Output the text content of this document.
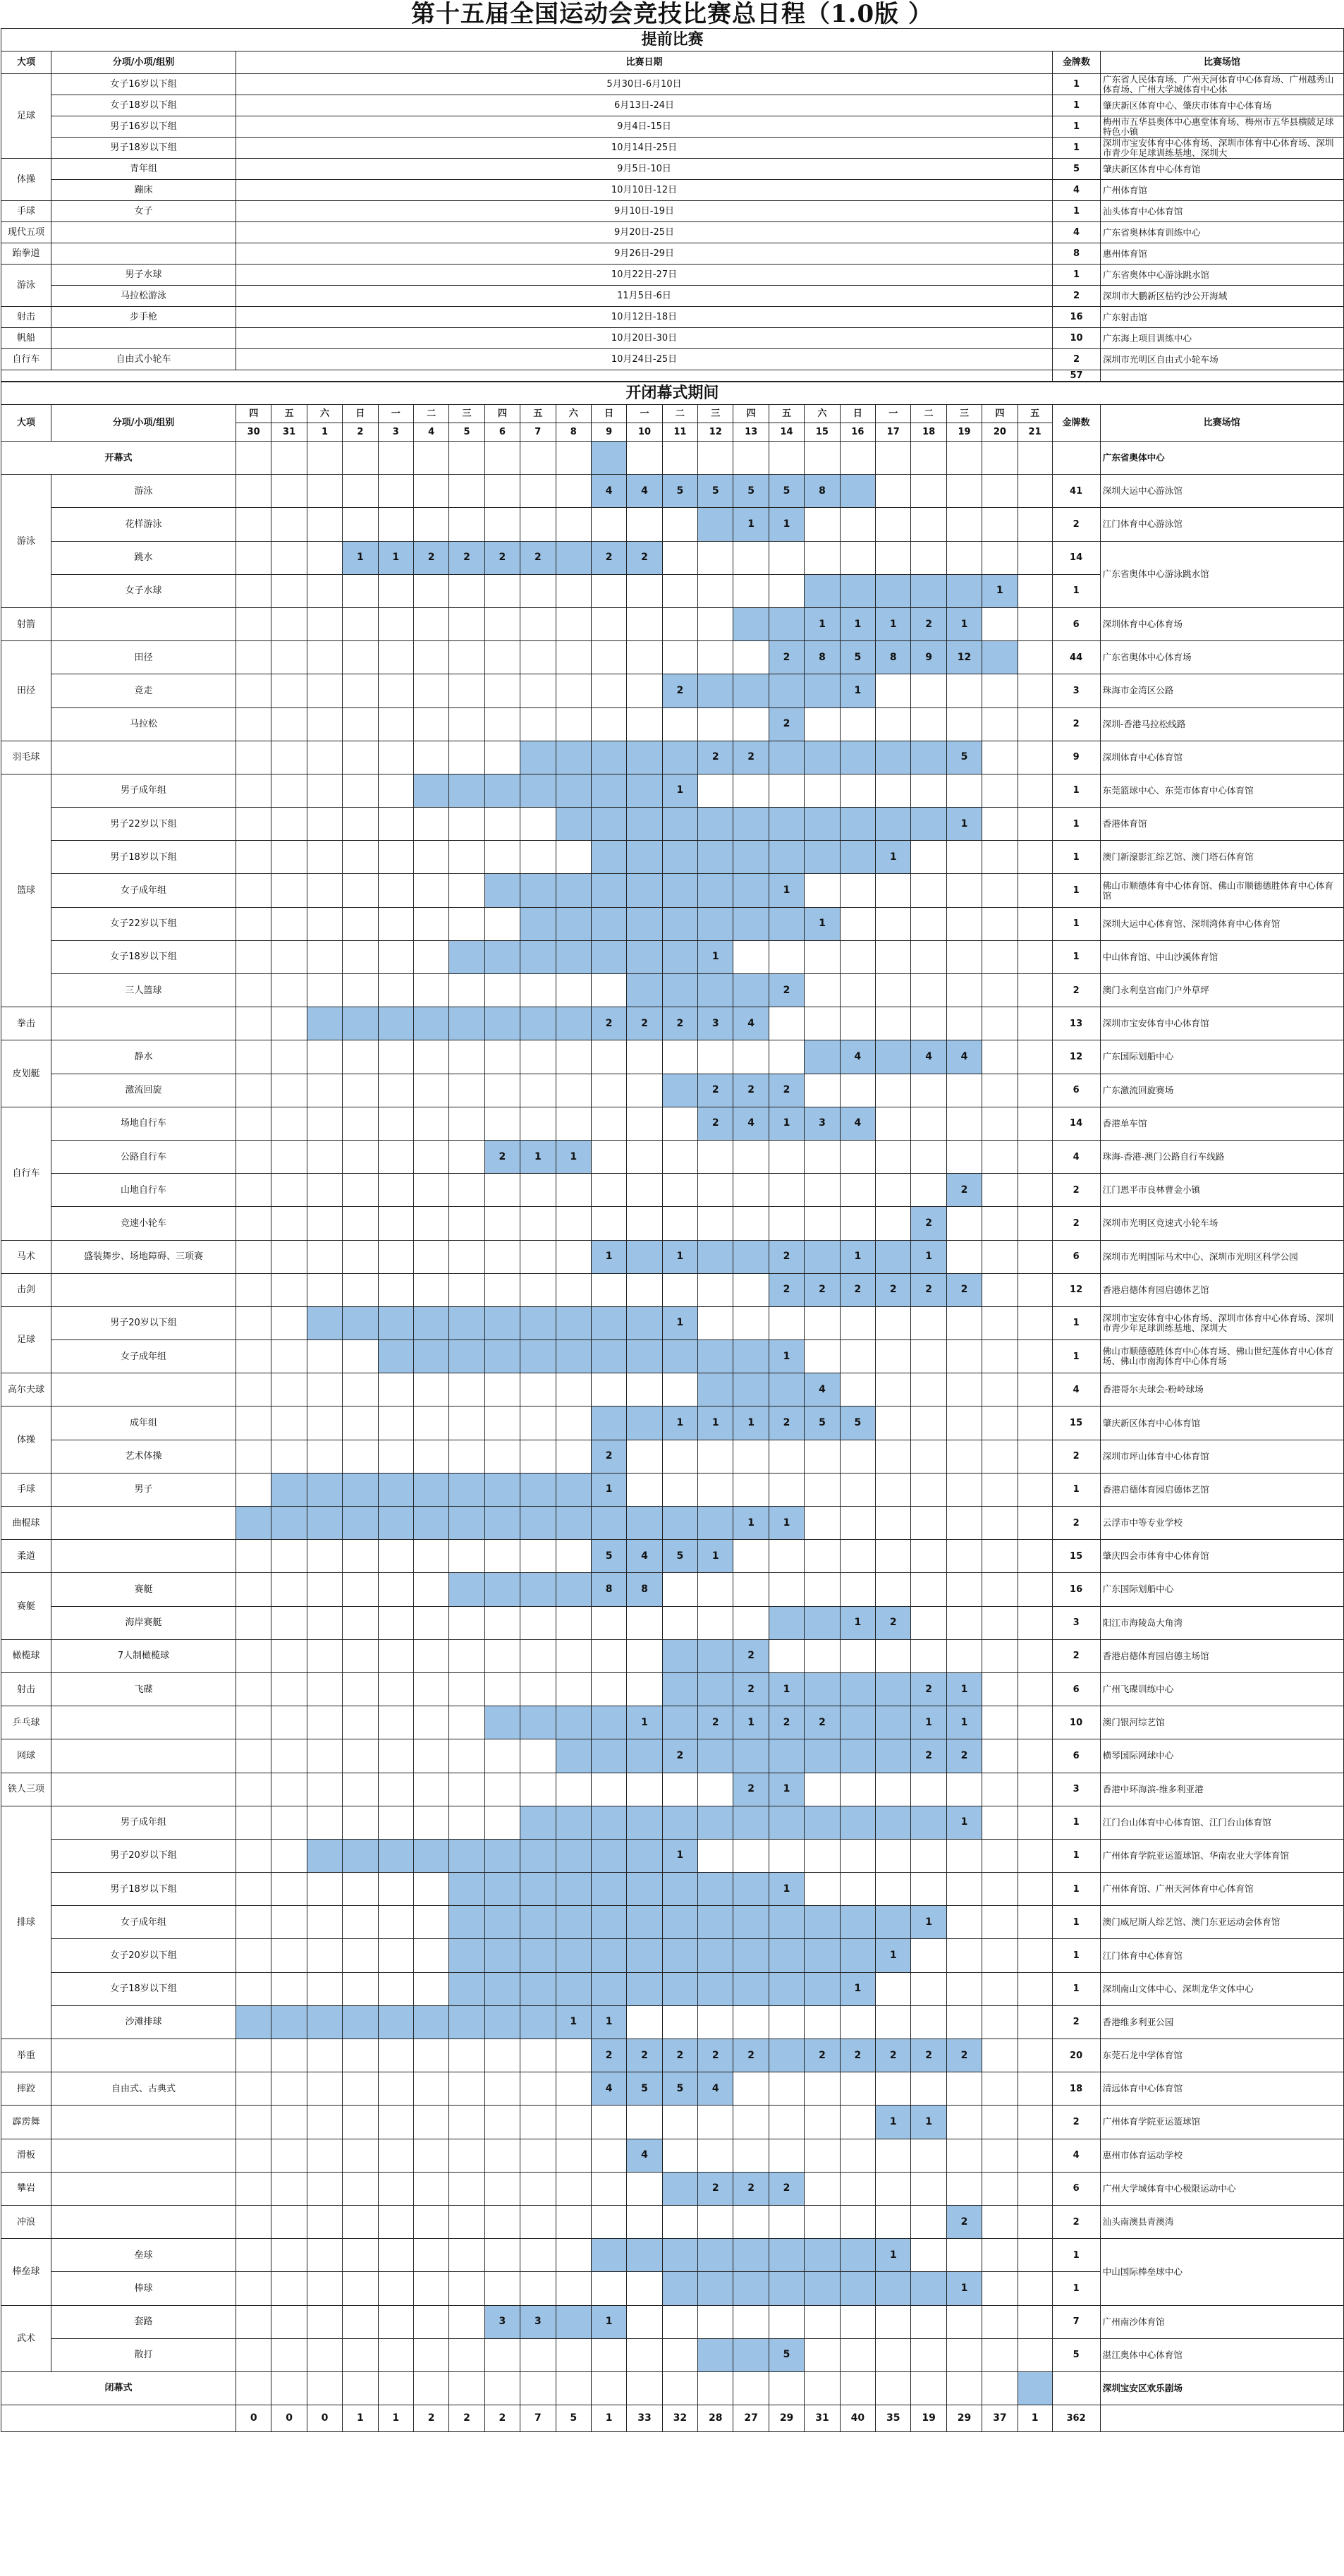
第十五届全国运动会竞技比赛总日程（1.0版 ）
提前比赛				
大项	分项/小项/组别	比赛日期	金牌数	比赛场馆
足球	女子16岁以下组	5月30日-6月10日	1	广东省人民体育场、广州天河体育中心体育场、广州越秀山体育场、广州大学城体育中心体
	女子18岁以下组	6月13日-24日	1	肇庆新区体育中心、肇庆市体育中心体育场
	男子16岁以下组	9月4日-15日	1	梅州市五华县奥体中心惠堂体育场、梅州市五华县横陂足球特色小镇
	男子18岁以下组	10月14日-25日	1	深圳市宝安体育中心体育场、深圳市体育中心体育场、深圳市青少年足球训练基地、深圳大
体操	青年组	9月5日-10日	5	肇庆新区体育中心体育馆
	蹦床	10月10日-12日	4	广州体育馆
手球	女子	9月10日-19日	1	汕头体育中心体育馆
现代五项		9月20日-25日	4	广东省奥林体育训练中心
跆拳道		9月26日-29日	8	惠州体育馆
游泳	男子水球	10月22日-27日	1	广东省奥体中心游泳跳水馆
	马拉松游泳	11月5日-6日	2	深圳市大鹏新区桔钓沙公开海域
射击	步手枪	10月12日-18日	16	广东射击馆
帆船		10月20日-30日	10	广东海上项目训练中心
自行车	自由式小轮车	10月24日-25日	2	深圳市光明区自由式小轮车场
			57	
开闭幕式期间																										
大项	分项/小项/组别	四	五	六	日	一	二	三	四	五	六	日	一	二	三	四	五	六	日	一	二	三	四	五	金牌数	比赛场馆
		30	31	1	2	3	4	5	6	7	8	9	10	11	12	13	14	15	16	17	18	19	20	21		
开幕式																										广东省奥体中心
游泳	游泳											4	4	5	5	5	5	8							41	深圳大运中心游泳馆
	花样游泳															1	1								2	江门体育中心游泳馆
	跳水				1	1	2	2	2	2		2	2												14	广东省奥体中心游泳跳水馆
	女子水球																						1		1	
射箭																		1	1	1	2	1			6	深圳体育中心体育场
田径	田径																2	8	5	8	9	12			44	广东省奥体中心体育场
	竞走													2					1						3	珠海市金湾区公路
	马拉松																2								2	深圳-香港马拉松线路
羽毛球															2	2						5			9	深圳体育中心体育馆
篮球	男子成年组													1											1	东莞篮球中心、东莞市体育中心体育馆
	男子22岁以下组																					1			1	香港体育馆
	男子18岁以下组																			1					1	澳门新濠影汇综艺馆、澳门塔石体育馆
	女子成年组																1								1	佛山市顺德体育中心体育馆、佛山市顺德德胜体育中心体育馆
	女子22岁以下组																	1							1	深圳大运中心体育馆、深圳湾体育中心体育馆
	女子18岁以下组														1										1	中山体育馆、中山沙溪体育馆
	三人篮球																2								2	澳门永利皇宫南门户外草坪
拳击												2	2	2	3	4									13	深圳市宝安体育中心体育馆
皮划艇	静水																		4		4	4			12	广东国际划船中心
	激流回旋														2	2	2								6	广东激流回旋赛场
自行车	场地自行车														2	4	1	3	4						14	香港单车馆
	公路自行车								2	1	1														4	珠海-香港-澳门公路自行车线路
	山地自行车																					2			2	江门恩平市良林曹金小镇
	竞速小轮车																				2				2	深圳市光明区竞速式小轮车场
马术	盛装舞步、场地障碍、三项赛											1		1			2		1		1				6	深圳市光明国际马术中心、深圳市光明区科学公园
击剑																	2	2	2	2	2	2			12	香港启德体育园启德体艺馆
足球	男子20岁以下组													1											1	深圳市宝安体育中心体育场、深圳市体育中心体育场、深圳市青少年足球训练基地、深圳大
	女子成年组																1								1	佛山市顺德德胜体育中心体育场、佛山世纪莲体育中心体育场、佛山市南海体育中心体育场
高尔夫球																		4							4	香港哥尔夫球会-粉岭球场
体操	成年组													1	1	1	2	5	5						15	肇庆新区体育中心体育馆
	艺术体操											2													2	深圳市坪山体育中心体育馆
手球	男子											1													1	香港启德体育园启德体艺馆
曲棍球																1	1								2	云浮市中等专业学校
柔道												5	4	5	1										15	肇庆四会市体育中心体育馆
赛艇	赛艇											8	8												16	广东国际划船中心
	海岸赛艇																		1	2					3	阳江市海陵岛大角湾
橄榄球	7人制橄榄球															2									2	香港启德体育园启德主场馆
射击	飞碟															2	1				2	1			6	广州飞碟训练中心
乒乓球													1		2	1	2	2			1	1			10	澳门银河综艺馆
网球														2							2	2			6	横琴国际网球中心
铁人三项																2	1								3	香港中环海滨-维多利亚港
排球	男子成年组																					1			1	江门台山体育中心体育馆、江门台山体育馆
	男子20岁以下组													1											1	广州体育学院亚运篮球馆、华南农业大学体育馆
	男子18岁以下组																1								1	广州体育馆、广州天河体育中心体育馆
	女子成年组																				1				1	澳门威尼斯人综艺馆、澳门东亚运动会体育馆
	女子20岁以下组																			1					1	江门体育中心体育馆
	女子18岁以下组																		1						1	深圳南山文体中心、深圳龙华文体中心
	沙滩排球										1	1													2	香港维多利亚公园
举重												2	2	2	2	2		2	2	2	2	2			20	东莞石龙中学体育馆
摔跤	自由式、古典式											4	5	5	4										18	清远体育中心体育馆
霹雳舞																				1	1				2	广州体育学院亚运篮球馆
滑板													4												4	惠州市体育运动学校
攀岩															2	2	2								6	广州大学城体育中心极限运动中心
冲浪																						2			2	汕头南澳县青澳湾
棒垒球	垒球																			1					1	中山国际棒垒球中心
	棒球																					1			1	
武术	套路								3	3		1													7	广州南沙体育馆
	散打																5								5	湛江奥体中心体育馆
闭幕式																										深圳宝安区欢乐剧场
		0	0	0	1	1	2	2	2	7	5	1	33	32	28	27	29	31	40	35	19	29	37	1	362	
